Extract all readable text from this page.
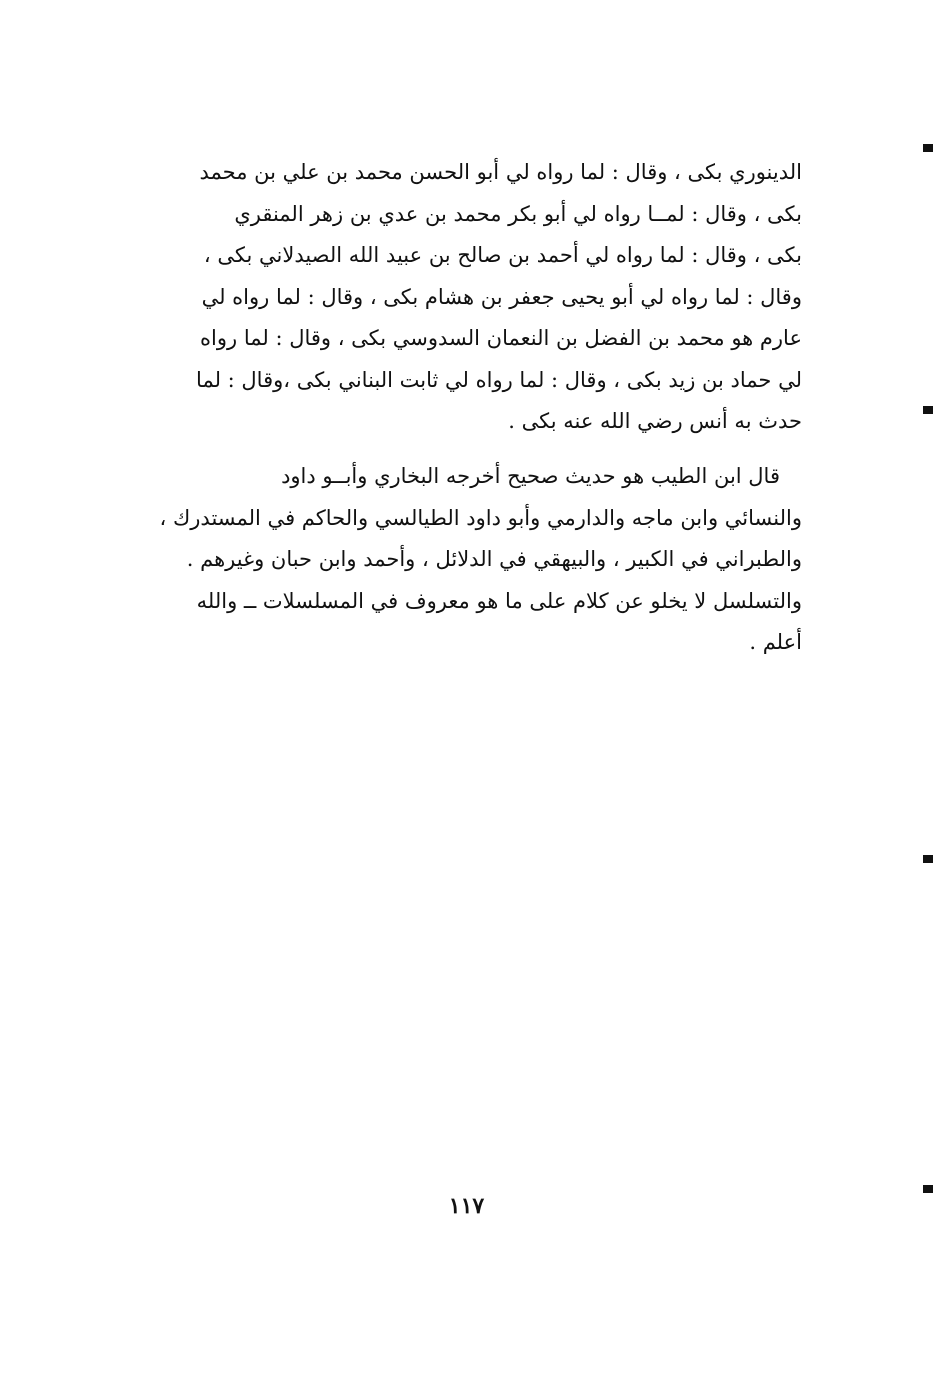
الدينوري بكى ، وقال : لما رواه لي أبو الحسن محمد بن علي بن محمد
بكى ، وقال : لمــا رواه لي أبو بكر محمد بن عدي بن زهر المنقري
بكى ، وقال : لما رواه لي أحمد بن صالح بن عبيد الله الصيدلاني بكى ،
وقال : لما رواه لي أبو يحيى جعفر بن هشام بكى ، وقال : لما رواه لي
عارم هو محمد بن الفضل بن النعمان السدوسي بكى ، وقال : لما رواه
لي حماد بن زيد بكى ، وقال : لما رواه لي ثابت البناني بكى ،وقال : لما
حدث به أنس رضي الله عنه بكى .

قال ابن الطيب هو حديث صحيح أخرجه البخاري وأبــو داود
والنسائي وابن ماجه والدارمي وأبو داود الطيالسي والحاكم في المستدرك ،
والطبراني في الكبير ، والبيهقي في الدلائل ، وأحمد وابن حبان وغيرهم .
والتسلسل لا يخلو عن كلام على ما هو معروف في المسلسلات ــ والله
أعلم .

١١٧
